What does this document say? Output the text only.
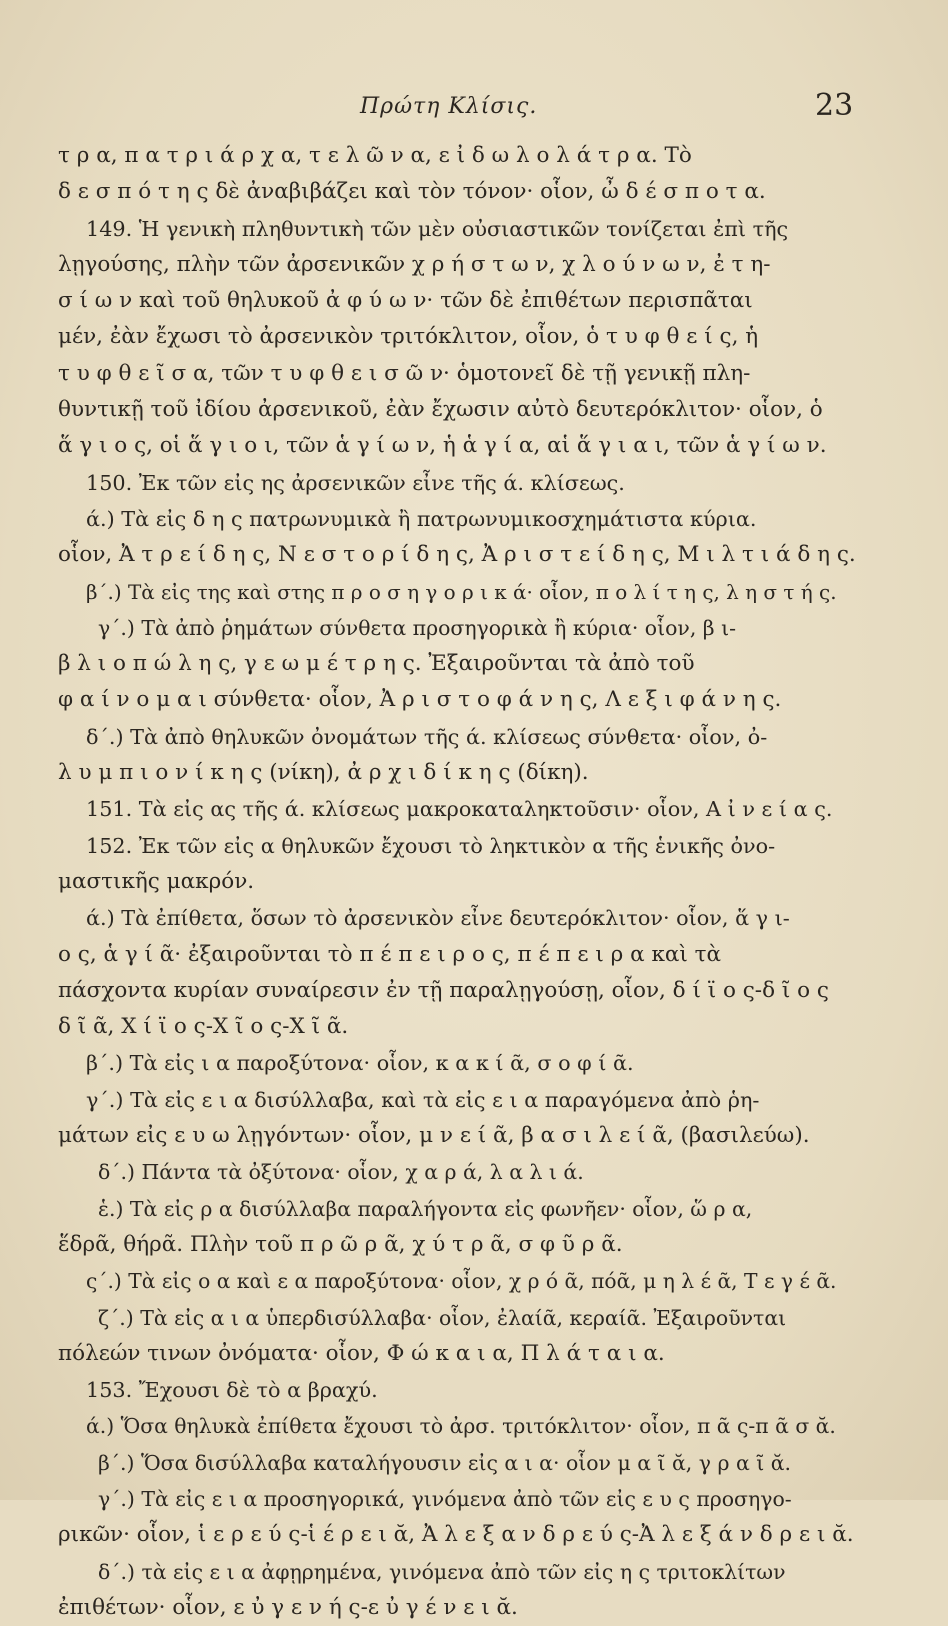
Πρώτη Κλίσις.	23
τ ρ α, π α τ ρ ι ά ρ χ α, τ ε λ ῶ ν α, ε ἰ δ ω λ ο λ ά τ ρ α. Τὸ
δ ε σ π ό τ η ς δὲ ἀναβιβάζει καὶ τὸν τόνον· οἷον, ὦ δ έ σ π ο τ α.
149. Ἡ γενικὴ πληθυντικὴ τῶν μὲν οὐσιαστικῶν τονίζεται ἐπὶ τῆς
λῃγούσης, πλὴν τῶν ἀρσενικῶν χ ρ ή σ τ ω ν, χ λ ο ύ ν ω ν, ἐ τ η-
σ ί ω ν καὶ τοῦ θηλυκοῦ ἀ φ ύ ω ν· τῶν δὲ ἐπιθέτων περισπᾶται
μέν, ἐὰν ἔχωσι τὸ ἀρσενικὸν τριτόκλιτον, οἷον, ὁ τ υ φ θ ε ί ς, ἡ
τ υ φ θ ε ῖ σ α, τῶν τ υ φ θ ε ι σ ῶ ν· ὁμοτονεῖ δὲ τῇ γενικῇ πλη-
θυντικῇ τοῦ ἰδίου ἀρσενικοῦ, ἐὰν ἔχωσιν αὐτὸ δευτερόκλιτον· οἷον, ὁ
ἅ γ ι ο ς, οἱ ἅ γ ι ο ι, τῶν ἁ γ ί ω ν, ἡ ἁ γ ί α, αἱ ἅ γ ι α ι, τῶν ἁ γ ί ω ν.
150. Ἐκ τῶν εἰς ης ἀρσενικῶν εἶνε τῆς ά. κλίσεως.
ά.) Τὰ εἰς δ η ς πατρωνυμικὰ ἢ πατρωνυμικοσχημάτιστα κύρια.
οἷον, Ἀ τ ρ ε ί δ η ς, Ν ε σ τ ο ρ ί δ η ς, Ἀ ρ ι σ τ ε ί δ η ς, Μ ι λ τ ι ά δ η ς.
β΄.) Τὰ εἰς της καὶ στης π ρ ο σ η γ ο ρ ι κ ά· οἷον, π ο λ ί τ η ς, λ η σ τ ή ς.
γ΄.) Τὰ ἀπὸ ῥημάτων σύνθετα προσηγορικὰ ἢ κύρια· οἷον, β ι-
β λ ι ο π ώ λ η ς, γ ε ω μ έ τ ρ η ς. Ἐξαιροῦνται τὰ ἀπὸ τοῦ
φ α ί ν ο μ α ι σύνθετα· οἷον, Ἀ ρ ι σ τ ο φ ά ν η ς, Λ ε ξ ι φ ά ν η ς.
δ΄.) Τὰ ἀπὸ θηλυκῶν ὀνομάτων τῆς ά. κλίσεως σύνθετα· οἷον, ὀ-
λ υ μ π ι ο ν ί κ η ς (νίκη), ἀ ρ χ ι δ ί κ η ς (δίκη).
151. Τὰ εἰς ας τῆς ά. κλίσεως μακροκαταληκτοῦσιν· οἷον, Α ἰ ν ε ί α ς.
152. Ἐκ τῶν εἰς α θηλυκῶν ἔχουσι τὸ ληκτικὸν α τῆς ἑνικῆς ὀνο-
μαστικῆς μακρόν.
ά.) Τὰ ἐπίθετα, ὅσων τὸ ἀρσενικὸν εἶνε δευτερόκλιτον· οἷον, ἅ γ ι-
ο ς, ἁ γ ί ᾶ· ἐξαιροῦνται τὸ π έ π ε ι ρ ο ς, π έ π ε ι ρ α καὶ τὰ
πάσχοντα κυρίαν συναίρεσιν ἐν τῇ παραλῃγούσῃ, οἷον, δ ί ϊ ο ς-δ ῖ ο ς
δ ῖ ᾶ, Χ ί ϊ ο ς-Χ ῖ ο ς-Χ ῖ ᾶ.
β΄.) Τὰ εἰς ι α παροξύτονα· οἷον, κ α κ ί ᾶ, σ ο φ ί ᾶ.
γ΄.) Τὰ εἰς ε ι α δισύλλαβα, καὶ τὰ εἰς ε ι α παραγόμενα ἀπὸ ῥη-
μάτων εἰς ε υ ω λῃγόντων· οἷον, μ ν ε ί ᾶ, β α σ ι λ ε ί ᾶ, (βασιλεύω).
δ΄.) Πάντα τὰ ὀξύτονα· οἷον, χ α ρ ά, λ α λ ι ά.
ἑ.) Τὰ εἰς ρ α δισύλλαβα παραλήγοντα εἰς φωνῆεν· οἷον, ὥ ρ α,
ἕδρᾶ, θήρᾶ. Πλὴν τοῦ π ρ ῶ ρ ᾶ, χ ύ τ ρ ᾶ, σ φ ῦ ρ ᾶ.
ς΄.) Τὰ εἰς ο α καὶ ε α παροξύτονα· οἷον, χ ρ ό ᾶ, πόᾶ, μ η λ έ ᾶ, Τ ε γ έ ᾶ.
ζ΄.) Τὰ εἰς α ι α ὑπερδισύλλαβα· οἷον, ἐλαίᾶ, κεραίᾶ. Ἐξαιροῦνται
πόλεών τινων ὀνόματα· οἷον, Φ ώ κ α ι α, Π λ ά τ α ι α.
153. Ἔχουσι δὲ τὸ α βραχύ.
ά.) Ὅσα θηλυκὰ ἐπίθετα ἔχουσι τὸ ἀρσ. τριτόκλιτον· οἷον, π ᾶ ς-π ᾶ σ ᾰ.
β΄.) Ὅσα δισύλλαβα καταλήγουσιν εἰς α ι α· οἷον μ α ῖ ᾰ, γ ρ α ῖ ᾰ.
γ΄.) Τὰ εἰς ε ι α προσηγορικά, γινόμενα ἀπὸ τῶν εἰς ε υ ς προσηγο-
ρικῶν· οἷον, ἱ ε ρ ε ύ ς-ἱ έ ρ ε ι ᾰ, Ἀ λ ε ξ α ν δ ρ ε ύ ς-Ἀ λ ε ξ ά ν δ ρ ε ι ᾰ.
δ΄.) τὰ εἰς ε ι α ἀφῃρημένα, γινόμενα ἀπὸ τῶν εἰς η ς τριτοκλίτων
ἐπιθέτων· οἷον, ε ὐ γ ε ν ή ς-ε ὐ γ έ ν ε ι ᾰ.
